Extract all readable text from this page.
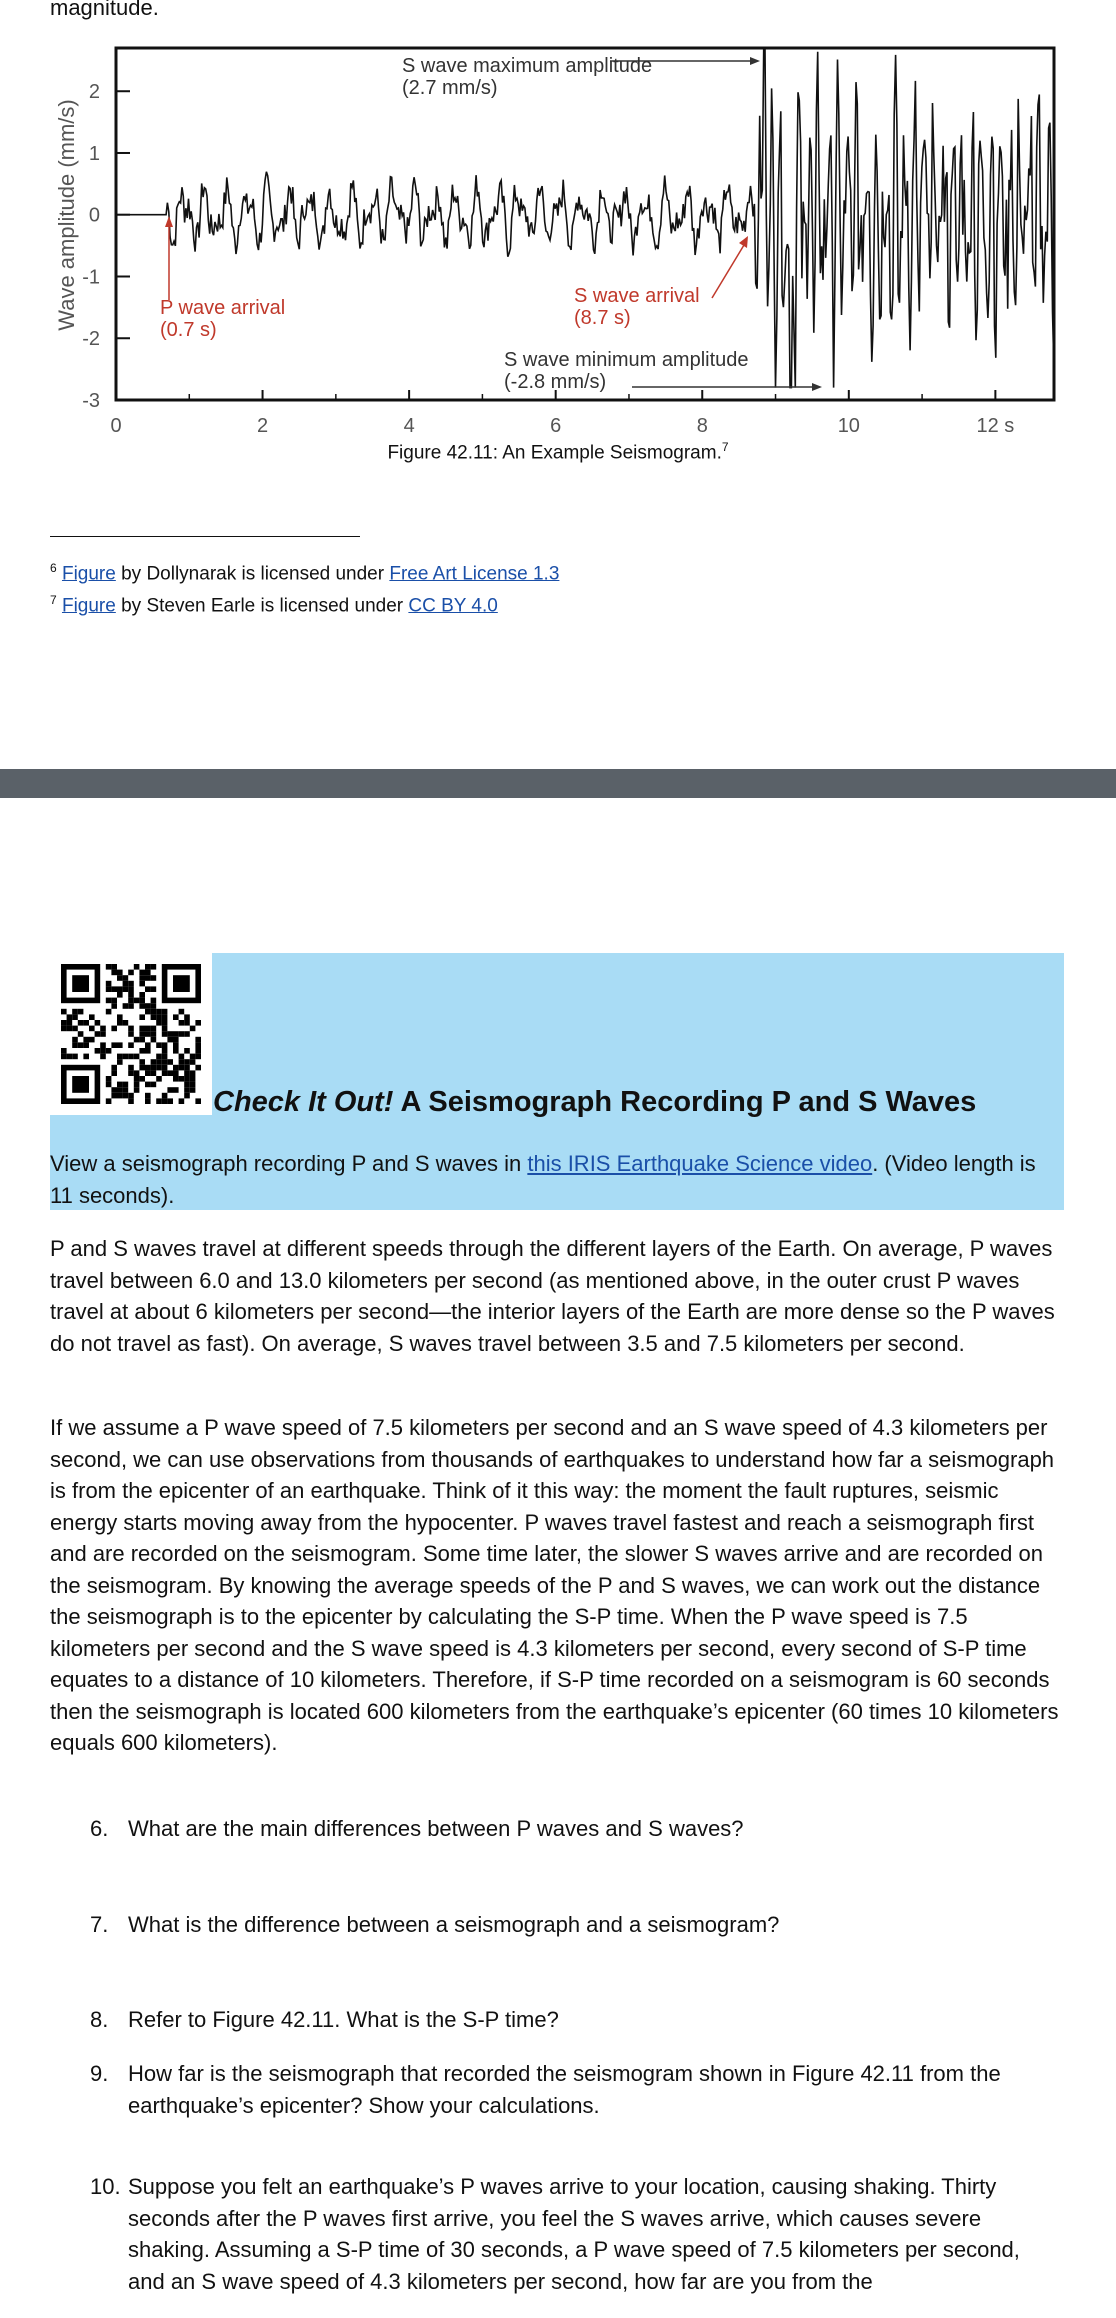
magnitude.
Wave amplitude (mm/s)
2
1
0
-1
-2
-3
0	2	4	6	8	10	12 s
S wave maximum amplitude
(2.7 mm/s)
P wave arrival
(0.7 s)
S wave arrival
(8.7 s)
S wave minimum amplitude
(-2.8 mm/s)
Figure 42.11: An Example Seismogram.$^7$
$^6$ Figure by Dollynarak is licensed under Free Art License 1.3
$^7$ Figure by Steven Earle is licensed under CC BY 4.0
Check It Out! A Seismograph Recording P and S Waves
View a seismograph recording P and S waves in this IRIS Earthquake Science video. (Video length is 11 seconds).
P and S waves travel at different speeds through the different layers of the Earth. On average, P waves travel between 6.0 and 13.0 kilometers per second (as mentioned above, in the outer crust P waves travel at about 6 kilometers per second—the interior layers of the Earth are more dense so the P waves do not travel as fast). On average, S waves travel between 3.5 and 7.5 kilometers per second.
If we assume a P wave speed of 7.5 kilometers per second and an S wave speed of 4.3 kilometers per second, we can use observations from thousands of earthquakes to understand how far a seismograph is from the epicenter of an earthquake. Think of it this way: the moment the fault ruptures, seismic energy starts moving away from the hypocenter. P waves travel fastest and reach a seismograph first and are recorded on the seismogram. Some time later, the slower S waves arrive and are recorded on the seismogram. By knowing the average speeds of the P and S waves, we can work out the distance the seismograph is to the epicenter by calculating the S-P time. When the P wave speed is 7.5 kilometers per second and the S wave speed is 4.3 kilometers per second, every second of S-P time equates to a distance of 10 kilometers. Therefore, if S-P time recorded on a seismogram is 60 seconds then the seismograph is located 600 kilometers from the earthquake’s epicenter (60 times 10 kilometers equals 600 kilometers).
6. What are the main differences between P waves and S waves?
7. What is the difference between a seismograph and a seismogram?
8. Refer to Figure 42.11. What is the S-P time?
9. How far is the seismograph that recorded the seismogram shown in Figure 42.11 from the earthquake’s epicenter? Show your calculations.
10. Suppose you felt an earthquake’s P waves arrive to your location, causing shaking. Thirty seconds after the P waves first arrive, you feel the S waves arrive, which causes severe shaking. Assuming a S-P time of 30 seconds, a P wave speed of 7.5 kilometers per second, and an S wave speed of 4.3 kilometers per second, how far are you from the
